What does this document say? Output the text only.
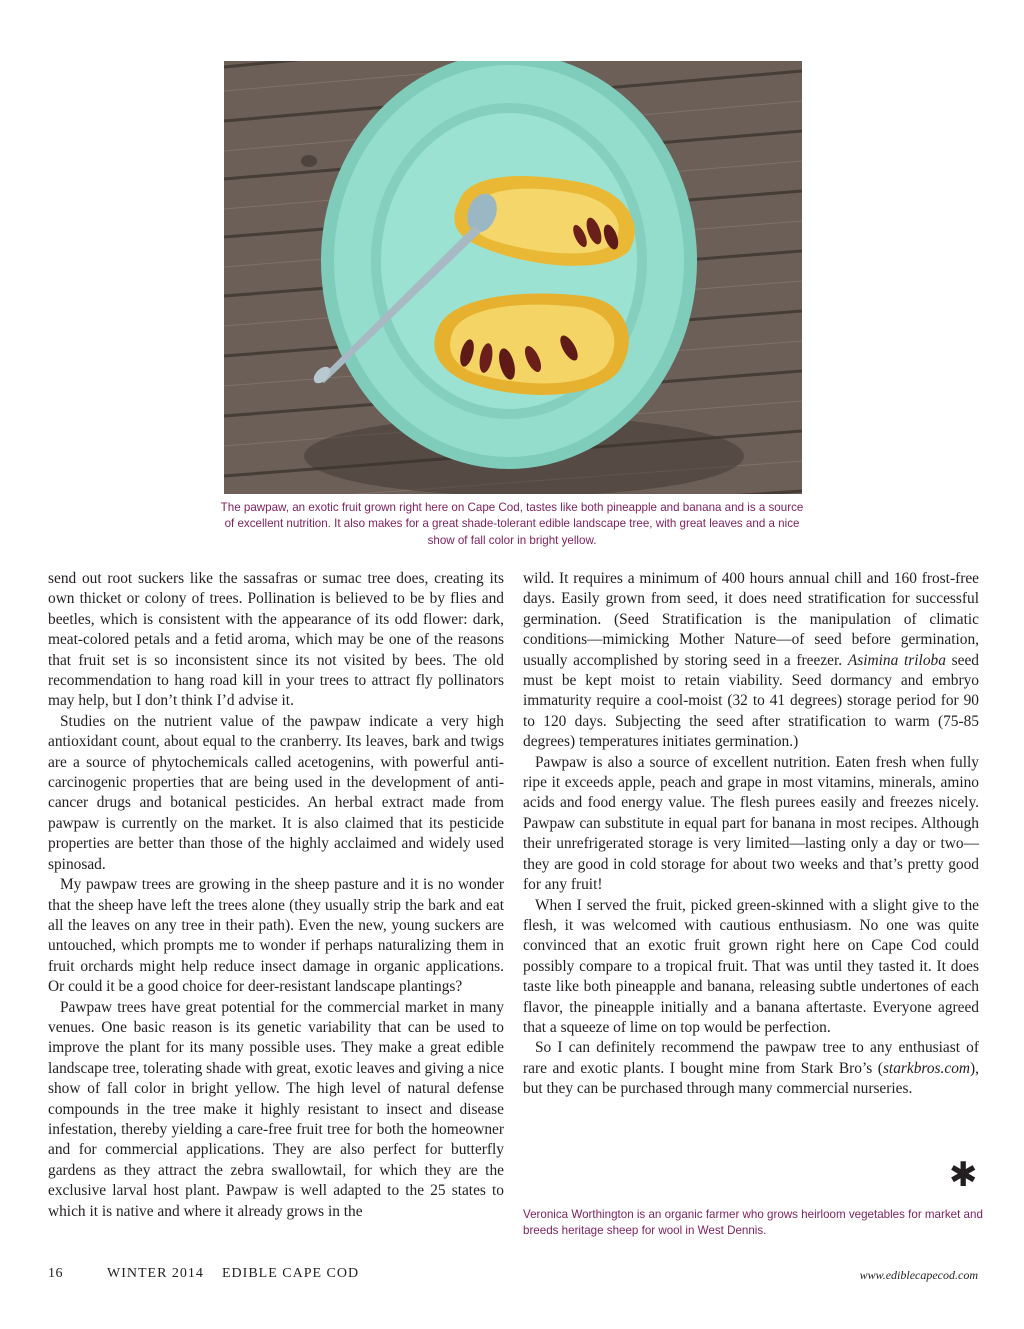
The pawpaw, an exotic fruit grown right here on Cape Cod, tastes like both pineapple and banana and is a source of excellent nutrition. It also makes for a great shade-tolerant edible landscape tree, with great leaves and a nice show of fall color in bright yellow.

send out root suckers like the sassafras or sumac tree does, creating its own thicket or colony of trees. Pollination is believed to be by flies and beetles, which is consistent with the appearance of its odd flower: dark, meat-colored petals and a fetid aroma, which may be one of the reasons that fruit set is so inconsistent since its not visited by bees. The old recommendation to hang road kill in your trees to attract fly pollinators may help, but I don’t think I’d advise it.

Studies on the nutrient value of the pawpaw indicate a very high antioxidant count, about equal to the cranberry. Its leaves, bark and twigs are a source of phytochemicals called acetogenins, with powerful anti-carcinogenic properties that are being used in the development of anti-cancer drugs and botanical pesticides. An herbal extract made from pawpaw is currently on the market. It is also claimed that its pesticide properties are better than those of the highly acclaimed and widely used spinosad.

My pawpaw trees are growing in the sheep pasture and it is no wonder that the sheep have left the trees alone (they usually strip the bark and eat all the leaves on any tree in their path). Even the new, young suckers are untouched, which prompts me to wonder if perhaps naturalizing them in fruit orchards might help reduce insect damage in organic applications. Or could it be a good choice for deer-resistant landscape plantings?

Pawpaw trees have great potential for the commercial market in many venues. One basic reason is its genetic variability that can be used to improve the plant for its many possible uses. They make a great edible landscape tree, tolerating shade with great, exotic leaves and giving a nice show of fall color in bright yellow. The high level of natural defense compounds in the tree make it highly resistant to insect and disease infestation, thereby yielding a care-free fruit tree for both the homeowner and for commercial applications. They are also perfect for butterfly gardens as they attract the zebra swallowtail, for which they are the exclusive larval host plant. Pawpaw is well adapted to the 25 states to which it is native and where it already grows in the

wild. It requires a minimum of 400 hours annual chill and 160 frost-free days. Easily grown from seed, it does need stratification for successful germination. (Seed Stratification is the manipulation of climatic conditions—mimicking Mother Nature—of seed before germination, usually accomplished by storing seed in a freezer. Asimina triloba seed must be kept moist to retain viability. Seed dormancy and embryo immaturity require a cool-moist (32 to 41 degrees) storage period for 90 to 120 days. Subjecting the seed after stratification to warm (75-85 degrees) temperatures initiates germination.)

Pawpaw is also a source of excellent nutrition. Eaten fresh when fully ripe it exceeds apple, peach and grape in most vitamins, minerals, amino acids and food energy value. The flesh purees easily and freezes nicely. Pawpaw can substitute in equal part for banana in most recipes. Although their unrefrigerated storage is very limited—lasting only a day or two—they are good in cold storage for about two weeks and that’s pretty good for any fruit!

When I served the fruit, picked green-skinned with a slight give to the flesh, it was welcomed with cautious enthusiasm. No one was quite convinced that an exotic fruit grown right here on Cape Cod could possibly compare to a tropical fruit. That was until they tasted it. It does taste like both pineapple and banana, releasing subtle undertones of each flavor, the pineapple initially and a banana aftertaste. Everyone agreed that a squeeze of lime on top would be perfection.

So I can definitely recommend the pawpaw tree to any enthusiast of rare and exotic plants. I bought mine from Stark Bro’s (starkbros.com), but they can be purchased through many commercial nurseries.

✱
Veronica Worthington is an organic farmer who grows heirloom vegetables for market and breeds heritage sheep for wool in West Dennis.
16	WINTER 2014 EDIBLE CAPE COD	www.ediblecapecod.com
